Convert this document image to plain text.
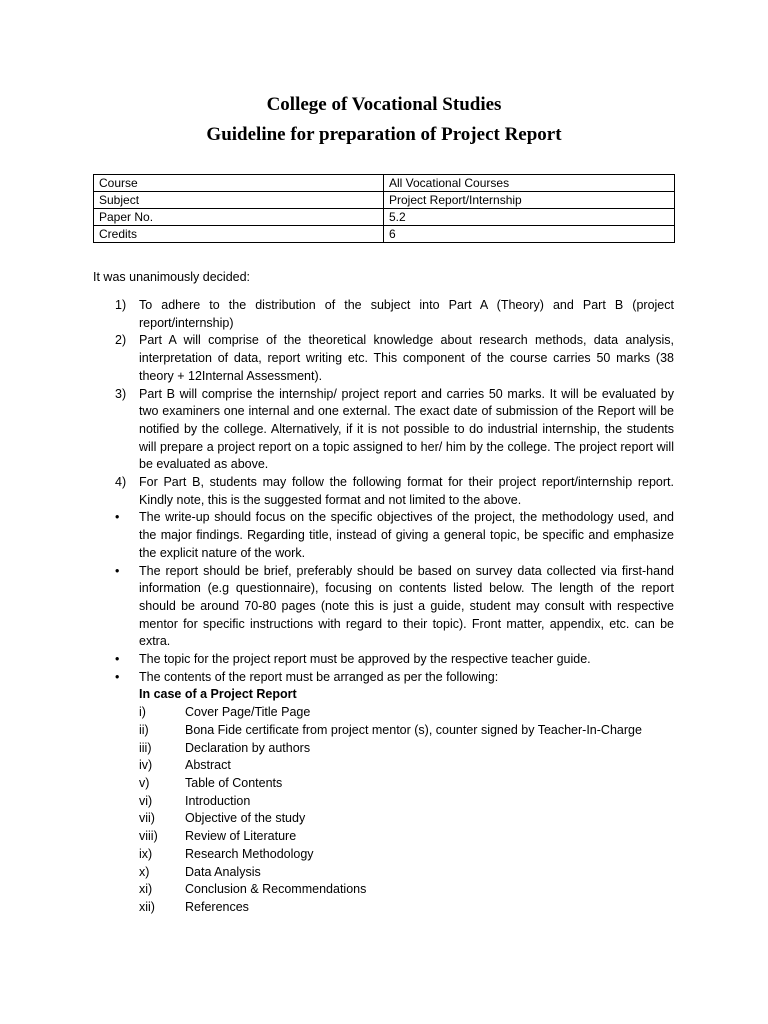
College of Vocational Studies
Guideline for preparation of Project Report
Course	All Vocational Courses
Subject	Project Report/Internship
Paper No.	5.2
Credits	6

It was unanimously decided:

1)	To adhere to the distribution of the subject into Part A (Theory) and Part B (project report/internship)
2)	Part A will comprise of the theoretical knowledge about research methods, data analysis, interpretation of data, report writing etc. This component of the course carries 50 marks (38 theory + 12Internal Assessment).
3)	Part B will comprise the internship/ project report and carries 50 marks. It will be evaluated by two examiners one internal and one external. The exact date of submission of the Report will be notified by the college. Alternatively, if it is not possible to do industrial internship, the students will prepare a project report on a topic assigned to her/ him by the college. The project report will be evaluated as above.
4)	For Part B, students may follow the following format for their project report/internship report. Kindly note, this is the suggested format and not limited to the above.
•	The write-up should focus on the specific objectives of the project, the methodology used, and the major findings. Regarding title, instead of giving a general topic, be specific and emphasize the explicit nature of the work.
•	The report should be brief, preferably should be based on survey data collected via first-hand information (e.g questionnaire), focusing on contents listed below. The length of the report should be around 70-80 pages (note this is just a guide, student may consult with respective mentor for specific instructions with regard to their topic). Front matter, appendix, etc. can be extra.
•	The topic for the project report must be approved by the respective teacher guide.
•	The contents of the report must be arranged as per the following:
In case of a Project Report
i)	Cover Page/Title Page
ii)	Bona Fide certificate from project mentor (s), counter signed by Teacher-In-Charge
iii)	Declaration by authors
iv)	Abstract
v)	Table of Contents
vi)	Introduction
vii)	Objective of the study
viii)	Review of Literature
ix)	Research Methodology
x)	Data Analysis
xi)	Conclusion & Recommendations
xii)	References
